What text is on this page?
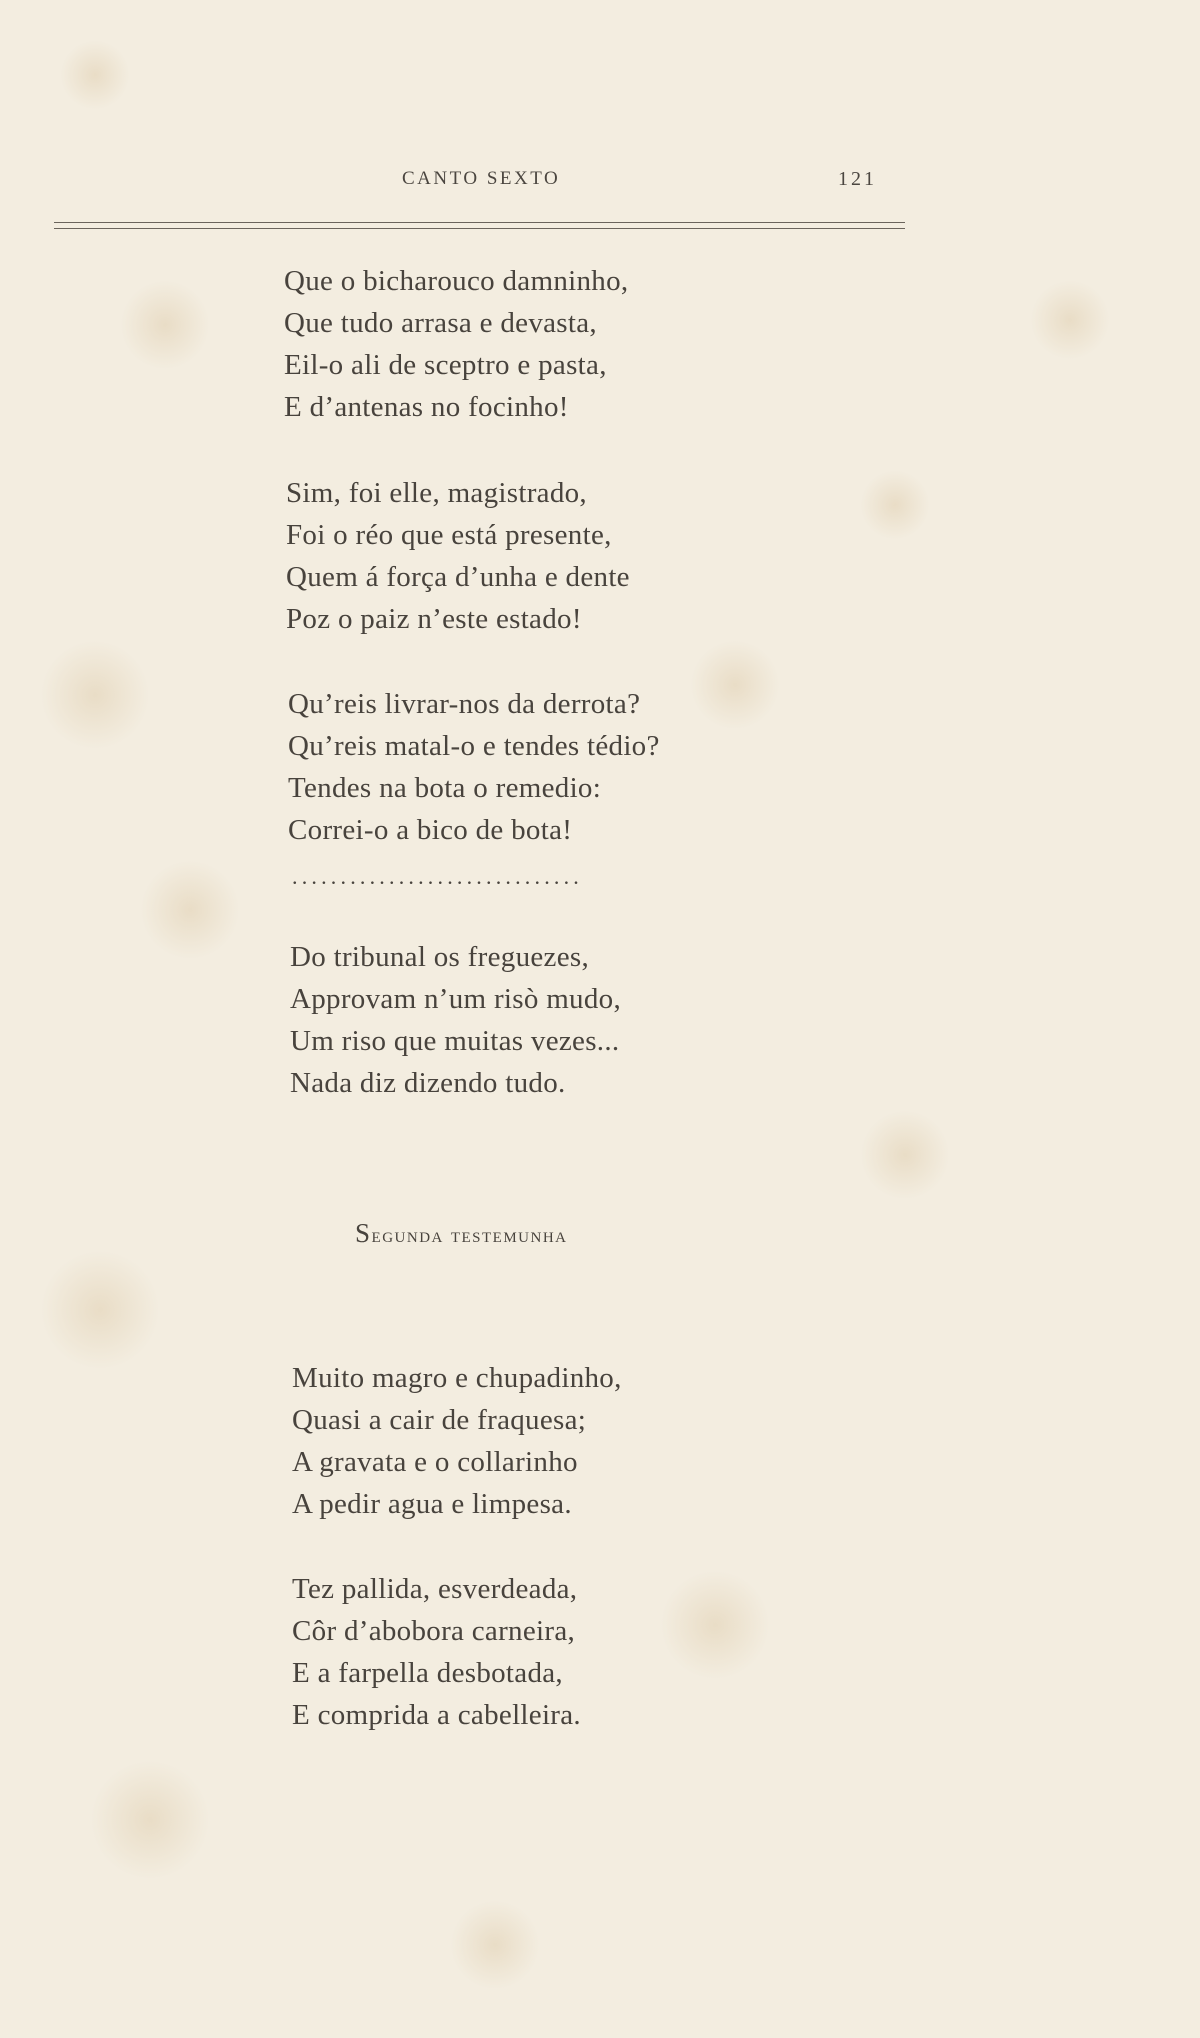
CANTO SEXTO	121
Que o bicharouco damninho,
Que tudo arrasa e devasta,
Eil-o ali de sceptro e pasta,
E d’antenas no focinho!
Sim, foi elle, magistrado,
Foi o réo que está presente,
Quem á força d’unha e dente
Poz o paiz n’este estado!
Qu’reis livrar-nos da derrota?
Qu’reis matal-o e tendes tédio?
Tendes na bota o remedio:
Correi-o a bico de bota!
..............................
Do tribunal os freguezes,
Approvam n’um risò mudo,
Um riso que muitas vezes...
Nada diz dizendo tudo.
Segunda testemunha
Muito magro e chupadinho,
Quasi a cair de fraquesa;
A gravata e o collarinho
A pedir agua e limpesa.
Tez pallida, esverdeada,
Côr d’abobora carneira,
E a farpella desbotada,
E comprida a cabelleira.
